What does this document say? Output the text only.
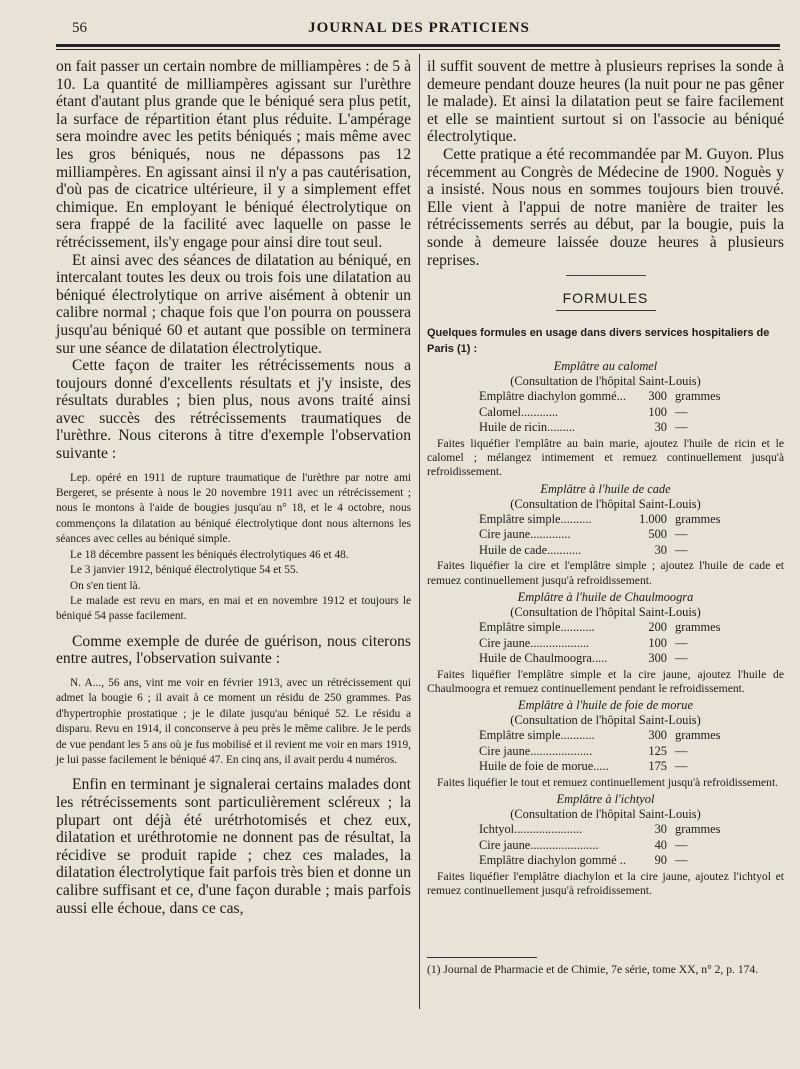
56	JOURNAL DES PRATICIENS

on fait passer un certain nombre de milliampères : de 5 à 10. La quantité de milliampères agissant sur l'urèthre étant d'autant plus grande que le béniqué sera plus petit, la surface de répartition étant plus réduite. L'ampérage sera moindre avec les petits béniqués ; mais même avec les gros béniqués, nous ne dépassons pas 12 milliampères. En agissant ainsi il n'y a pas cautérisation, d'où pas de cicatrice ultérieure, il y a simplement effet chimique. En employant le béniqué électrolytique on sera frappé de la facilité avec laquelle on passe le rétrécissement, ils'y engage pour ainsi dire tout seul.

Et ainsi avec des séances de dilatation au béniqué, en intercalant toutes les deux ou trois fois une dilatation au béniqué électrolytique on arrive aisément à obtenir un calibre normal ; chaque fois que l'on pourra on poussera jusqu'au béniqué 60 et autant que possible on terminera sur une séance de dilatation électrolytique.

Cette façon de traiter les rétrécissements nous a toujours donné d'excellents résultats et j'y insiste, des résultats durables ; bien plus, nous avons traité ainsi avec succès des rétrécissements traumatiques de l'urèthre. Nous citerons à titre d'exemple l'observation suivante :

Lep. opéré en 1911 de rupture traumatique de l'urèthre par notre ami Bergeret, se présente à nous le 20 novembre 1911 avec un rétrécissement ; nous le montons à l'aide de bougies jusqu'au n° 18, et le 4 octobre, nous commençons la dilatation au béniqué électrolytique dont nous alternons les séances avec celles au béniqué simple.

Le 18 décembre passent les béniqués électrolytiques 46 et 48.

Le 3 janvier 1912, béniqué électrolytique 54 et 55.

On s'en tient là.

Le malade est revu en mars, en mai et en novembre 1912 et toujours le béniqué 54 passe facilement.

Comme exemple de durée de guérison, nous citerons entre autres, l'observation suivante :

N. A..., 56 ans, vint me voir en février 1913, avec un rétrécissement qui admet la bougie 6 ; il avait à ce moment un résidu de 250 grammes. Pas d'hypertrophie prostatique ; je le dilate jusqu'au béniqué 52. Le résidu a disparu. Revu en 1914, il conconserve à peu près le même calibre. Je le perds de vue pendant les 5 ans où je fus mobilisé et il revient me voir en mars 1919, je lui passe facilement le béniqué 47. En cinq ans, il avait perdu 4 numéros.

Enfin en terminant je signalerai certains malades dont les rétrécissements sont particulièrement scléreux ; la plupart ont déjà été urétrhotomisés et chez eux, dilatation et uréthrotomie ne donnent pas de résultat, la récidive se produit rapide ; chez ces malades, la dilatation électrolytique fait parfois très bien et donne un calibre suffisant et ce, d'une façon durable ; mais parfois aussi elle échoue, dans ce cas,

il suffit souvent de mettre à plusieurs reprises la sonde à demeure pendant douze heures (la nuit pour ne pas gêner le malade). Et ainsi la dilatation peut se faire facilement et elle se maintient surtout si on l'associe au béniqué électrolytique.

Cette pratique a été recommandée par M. Guyon. Plus récemment au Congrès de Médecine de 1900. Noguès y a insisté. Nous nous en sommes toujours bien trouvé. Elle vient à l'appui de notre manière de traiter les rétrécissements serrés au début, par la bougie, puis la sonde à demeure laissée douze heures à plusieurs reprises.

FORMULES

Quelques formules en usage dans divers services hospitaliers de Paris (1) :

Emplâtre au calomel
(Consultation de l'hôpital Saint-Louis)
Emplâtre diachylon gommé...	300 grammes
Calomel............	100 —
Huile de ricin.........	30 —
Faites liquéfier l'emplâtre au bain marie, ajoutez l'huile de ricin et le calomel ; mélangez intimement et remuez continuellement jusqu'à refroidissement.
Emplâtre à l'huile de cade
(Consultation de l'hôpital Saint-Louis)
Emplâtre simple..........	1.000 grammes
Cire jaune.............	500 —
Huile de cade...........	30 —
Faites liquéfier la cire et l'emplâtre simple ; ajoutez l'huile de cade et remuez continuellement jusqu'à refroidissement.
Emplâtre à l'huile de Chaulmoogra
(Consultation de l'hôpital Saint-Louis)
Emplâtre simple...........	200 grammes
Cire jaune...................	100 —
Huile de Chaulmoogra.....	300 —
Faites liquéfier l'emplâtre simple et la cire jaune, ajoutez l'huile de Chaulmoogra et remuez continuellement pendant le refroidissement.
Emplâtre à l'huile de foie de morue
(Consultation de l'hôpital Saint-Louis)
Emplâtre simple...........	300 grammes
Cire jaune....................	125 —
Huile de foie de morue.....	175 —
Faites liquéfier le tout et remuez continuellement jusqu'à refroidissement.
Emplâtre à l'ichtyol
(Consultation de l'hôpital Saint-Louis)
Ichtyol......................	30 grammes
Cire jaune......................	40 —
Emplâtre diachylon gommé ..	90 —
Faites liquéfier l'emplâtre diachylon et la cire jaune, ajoutez l'ichtyol et remuez continuellement jusqu'à refroidissement.

(1) Journal de Pharmacie et de Chimie, 7e série, tome XX, n° 2, p. 174.
